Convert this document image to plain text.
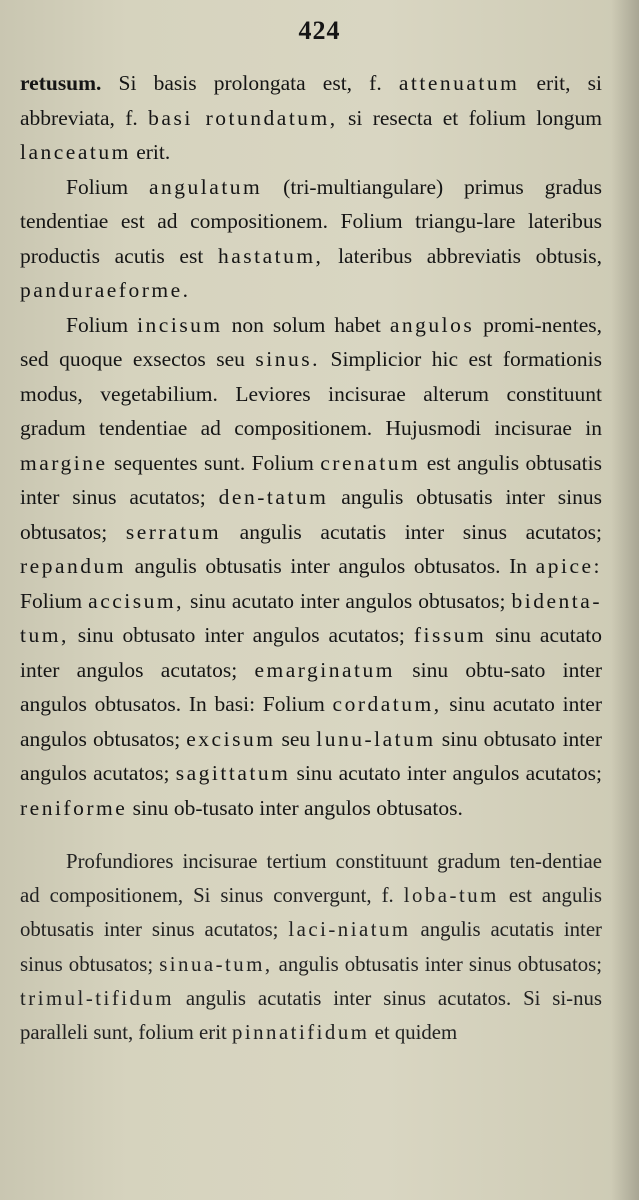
424

retusum. Si basis prolongata est, f. attenuatum erit, si abbreviata, f. basi rotundatum, si resecta et folium longum lanceatum erit.

Folium angulatum (tri-multiangulare) primus gradus tendentiae est ad compositionem. Folium triangu-lare lateribus productis acutis est hastatum, lateribus abbreviatis obtusis, panduraeforme.

Folium incisum non solum habet angulos promi-nentes, sed quoque exsectos seu sinus. Simplicior hic est formationis modus, vegetabilium. Leviores incisurae alterum constituunt gradum tendentiae ad compositionem. Hujusmodi incisurae in margine sequentes sunt. Folium crenatum est angulis obtusatis inter sinus acutatos; den-tatum angulis obtusatis inter sinus obtusatos; serratum angulis acutatis inter sinus acutatos; repandum angulis obtusatis inter angulos obtusatos. In apice: Folium accisum, sinu acutato inter angulos obtusatos; bidenta-tum, sinu obtusato inter angulos acutatos; fissum sinu acutato inter angulos acutatos; emarginatum sinu obtu-sato inter angulos obtusatos. In basi: Folium cordatum, sinu acutato inter angulos obtusatos; excisum seu lunu-latum sinu obtusato inter angulos acutatos; sagittatum sinu acutato inter angulos acutatos; reniforme sinu ob-tusato inter angulos obtusatos.

Profundiores incisurae tertium constituunt gradum ten-dentiae ad compositionem, Si sinus convergunt, f. loba-tum est angulis obtusatis inter sinus acutatos; laci-niatum angulis acutatis inter sinus obtusatos; sinua-tum, angulis obtusatis inter sinus obtusatos; trimul-tifidum angulis acutatis inter sinus acutatos. Si si-nus paralleli sunt, folium erit pinnatifidum et quidem
